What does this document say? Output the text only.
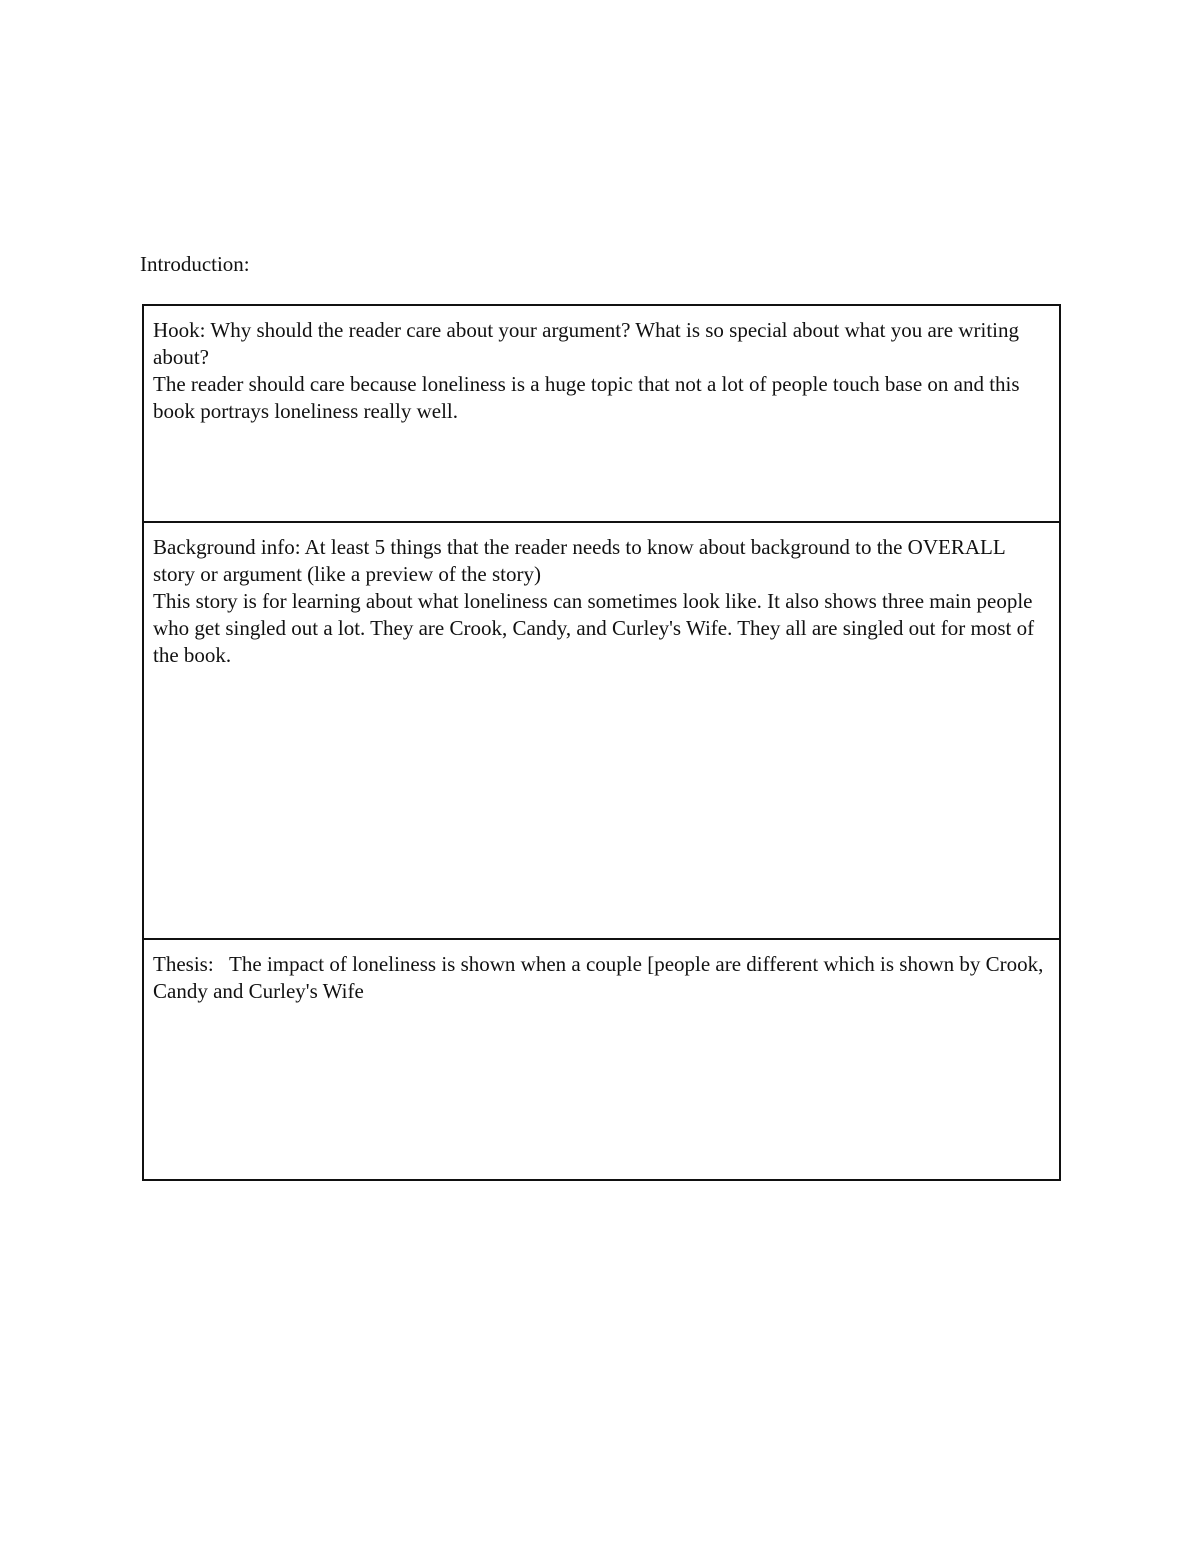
Introduction:
Hook: Why should the reader care about your argument? What is so special about what you are writing about?
The reader should care because loneliness is a huge topic that not a lot of people touch base on and this book portrays loneliness really well.

Background info: At least 5 things that the reader needs to know about background to the OVERALL story or argument (like a preview of the story)
This story is for learning about what loneliness can sometimes look like. It also shows three main people who get singled out a lot. They are Crook, Candy, and Curley's Wife. They all are singled out for most of the book.

Thesis:   The impact of loneliness is shown when a couple [people are different which is shown by Crook, Candy and Curley's Wife
